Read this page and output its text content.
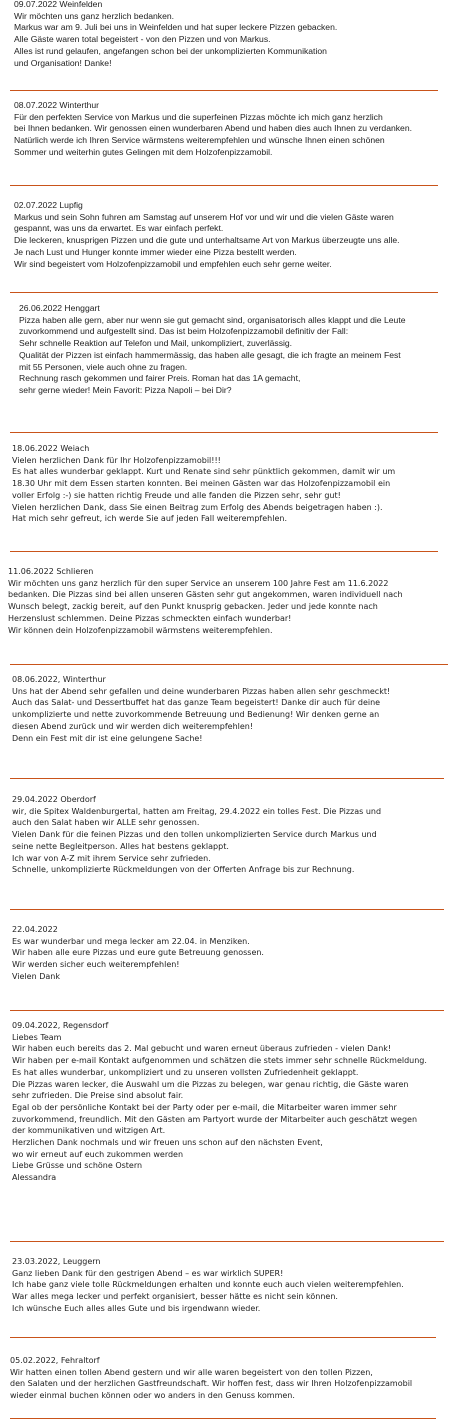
09.07.2022 Weinfelden

Wir möchten uns ganz herzlich bedanken.

Markus war am 9. Juli bei uns in Weinfelden und hat super leckere Pizzen gebacken.

Alle Gäste waren total begeistert - von den Pizzen und von Markus.

Alles ist rund gelaufen, angefangen schon bei der unkomplizierten Kommunikation

und Organisation! Danke!

08.07.2022 Winterthur

Für den perfekten Service von Markus und die superfeinen Pizzas möchte ich mich ganz herzlich

bei Ihnen bedanken. Wir genossen einen wunderbaren Abend und haben dies auch Ihnen zu verdanken.

Natürlich werde ich Ihren Service wärmstens weiterempfehlen und wünsche Ihnen einen schönen

Sommer und weiterhin gutes Gelingen mit dem Holzofenpizzamobil.

02.07.2022 Lupfig

Markus und sein Sohn fuhren am Samstag auf unserem Hof vor und wir und die vielen Gäste waren

gespannt, was uns da erwartet. Es war einfach perfekt.

Die leckeren, knusprigen Pizzen und die gute und unterhaltsame Art von Markus überzeugte uns alle.

Je nach Lust und Hunger konnte immer wieder eine Pizza bestellt werden.

Wir sind begeistert vom Holzofenpizzamobil und empfehlen euch sehr gerne weiter.

26.06.2022 Henggart

Pizza haben alle gern, aber nur wenn sie gut gemacht sind, organisatorisch alles klappt und die Leute

zuvorkommend und aufgestellt sind. Das ist beim Holzofenpizzamobil definitiv der Fall:

Sehr schnelle Reaktion auf Telefon und Mail, unkompliziert, zuverlässig.

Qualität der Pizzen ist einfach hammermässig, das haben alle gesagt, die ich fragte an meinem Fest

mit 55 Personen, viele auch ohne zu fragen.

Rechnung rasch gekommen und fairer Preis. Roman hat das 1A gemacht,

sehr gerne wieder! Mein Favorit: Pizza Napoli – bei Dir?

18.06.2022 Weiach

Vielen herzlichen Dank für Ihr Holzofenpizzamobil!!!

Es hat alles wunderbar geklappt. Kurt und Renate sind sehr pünktlich gekommen, damit wir um

18.30 Uhr mit dem Essen starten konnten. Bei meinen Gästen war das Holzofenpizzamobil ein

voller Erfolg :-) sie hatten richtig Freude und alle fanden die Pizzen sehr, sehr gut!

Vielen herzlichen Dank, dass Sie einen Beitrag zum Erfolg des Abends beigetragen haben :).

Hat mich sehr gefreut, ich werde Sie auf jeden Fall weiterempfehlen.

11.06.2022 Schlieren

Wir möchten uns ganz herzlich für den super Service an unserem 100 Jahre Fest am 11.6.2022

bedanken. Die Pizzas sind bei allen unseren Gästen sehr gut angekommen, waren individuell nach

Wunsch belegt, zackig bereit, auf den Punkt knusprig gebacken. Jeder und jede konnte nach

Herzenslust schlemmen. Deine Pizzas schmeckten einfach wunderbar!

Wir können dein Holzofenpizzamobil wärmstens weiterempfehlen.

08.06.2022, Winterthur

Uns hat der Abend sehr gefallen und deine wunderbaren Pizzas haben allen sehr geschmeckt!

Auch das Salat- und Dessertbuffet hat das ganze Team begeistert! Danke dir auch für deine

unkomplizierte und nette zuvorkommende Betreuung und Bedienung! Wir denken gerne an

diesen Abend zurück und wir werden dich weiterempfehlen!

Denn ein Fest mit dir ist eine gelungene Sache!

29.04.2022 Oberdorf

wir, die Spitex Waldenburgertal, hatten am Freitag, 29.4.2022 ein tolles Fest. Die Pizzas und

auch den Salat haben wir ALLE sehr genossen.

Vielen Dank für die feinen Pizzas und den tollen unkomplizierten Service durch Markus und

seine nette Begleitperson. Alles hat bestens geklappt.

Ich war von A-Z mit ihrem Service sehr zufrieden.

Schnelle, unkomplizierte Rückmeldungen von der Offerten Anfrage bis zur Rechnung.

22.04.2022

Es war wunderbar und mega lecker am 22.04. in Menziken.

Wir haben alle eure Pizzas und eure gute Betreuung genossen.

Wir werden sicher euch weiterempfehlen!

Vielen Dank

09.04.2022, Regensdorf

Liebes Team

Wir haben euch bereits das 2. Mal gebucht und waren erneut überaus zufrieden - vielen Dank!

Wir haben per e-mail Kontakt aufgenommen und schätzen die stets immer sehr schnelle Rückmeldung.

Es hat alles wunderbar, unkompliziert und zu unseren vollsten Zufriedenheit geklappt.

Die Pizzas waren lecker, die Auswahl um die Pizzas zu belegen, war genau richtig, die Gäste waren

sehr zufrieden. Die Preise sind absolut fair.

Egal ob der persönliche Kontakt bei der Party oder per e-mail, die Mitarbeiter waren immer sehr

zuvorkommend, freundlich. Mit den Gästen am Partyort wurde der Mitarbeiter auch geschätzt wegen

der kommunikativen und witzigen Art.

Herzlichen Dank nochmals und wir freuen uns schon auf den nächsten Event,

wo wir erneut auf euch zukommen werden

Liebe Grüsse und schöne Ostern

Alessandra

23.03.2022, Leuggern

Ganz lieben Dank für den gestrigen Abend – es war wirklich SUPER!

Ich habe ganz viele tolle Rückmeldungen erhalten und konnte euch auch vielen weiterempfehlen.

War alles mega lecker und perfekt organisiert, besser hätte es nicht sein können.

Ich wünsche Euch alles alles Gute und bis irgendwann wieder.

05.02.2022, Fehraltorf

Wir hatten einen tollen Abend gestern und wir alle waren begeistert von den tollen Pizzen,

den Salaten und der herzlichen Gastfreundschaft. Wir hoffen fest, dass wir Ihren Holzofenpizzamobil

wieder einmal buchen können oder wo anders in den Genuss kommen.
